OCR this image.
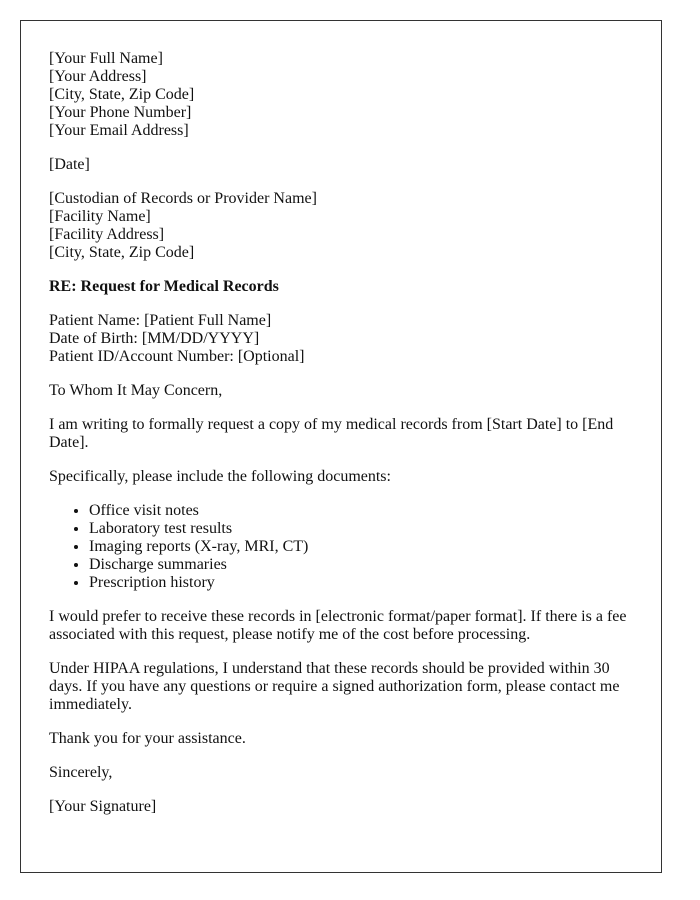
[Your Full Name]
[Your Address]
[City, State, Zip Code]
[Your Phone Number]
[Your Email Address]
[Date]
[Custodian of Records or Provider Name]
[Facility Name]
[Facility Address]
[City, State, Zip Code]
RE: Request for Medical Records
Patient Name: [Patient Full Name]
Date of Birth: [MM/DD/YYYY]
Patient ID/Account Number: [Optional]

To Whom It May Concern,

I am writing to formally request a copy of my medical records from [Start Date] to [End Date].

Specifically, please include the following documents:

• Office visit notes
• Laboratory test results
• Imaging reports (X-ray, MRI, CT)
• Discharge summaries
• Prescription history

I would prefer to receive these records in [electronic format/paper format]. If there is a fee associated with this request, please notify me of the cost before processing.

Under HIPAA regulations, I understand that these records should be provided within 30 days. If you have any questions or require a signed authorization form, please contact me immediately.

Thank you for your assistance.

Sincerely,

[Your Signature]
